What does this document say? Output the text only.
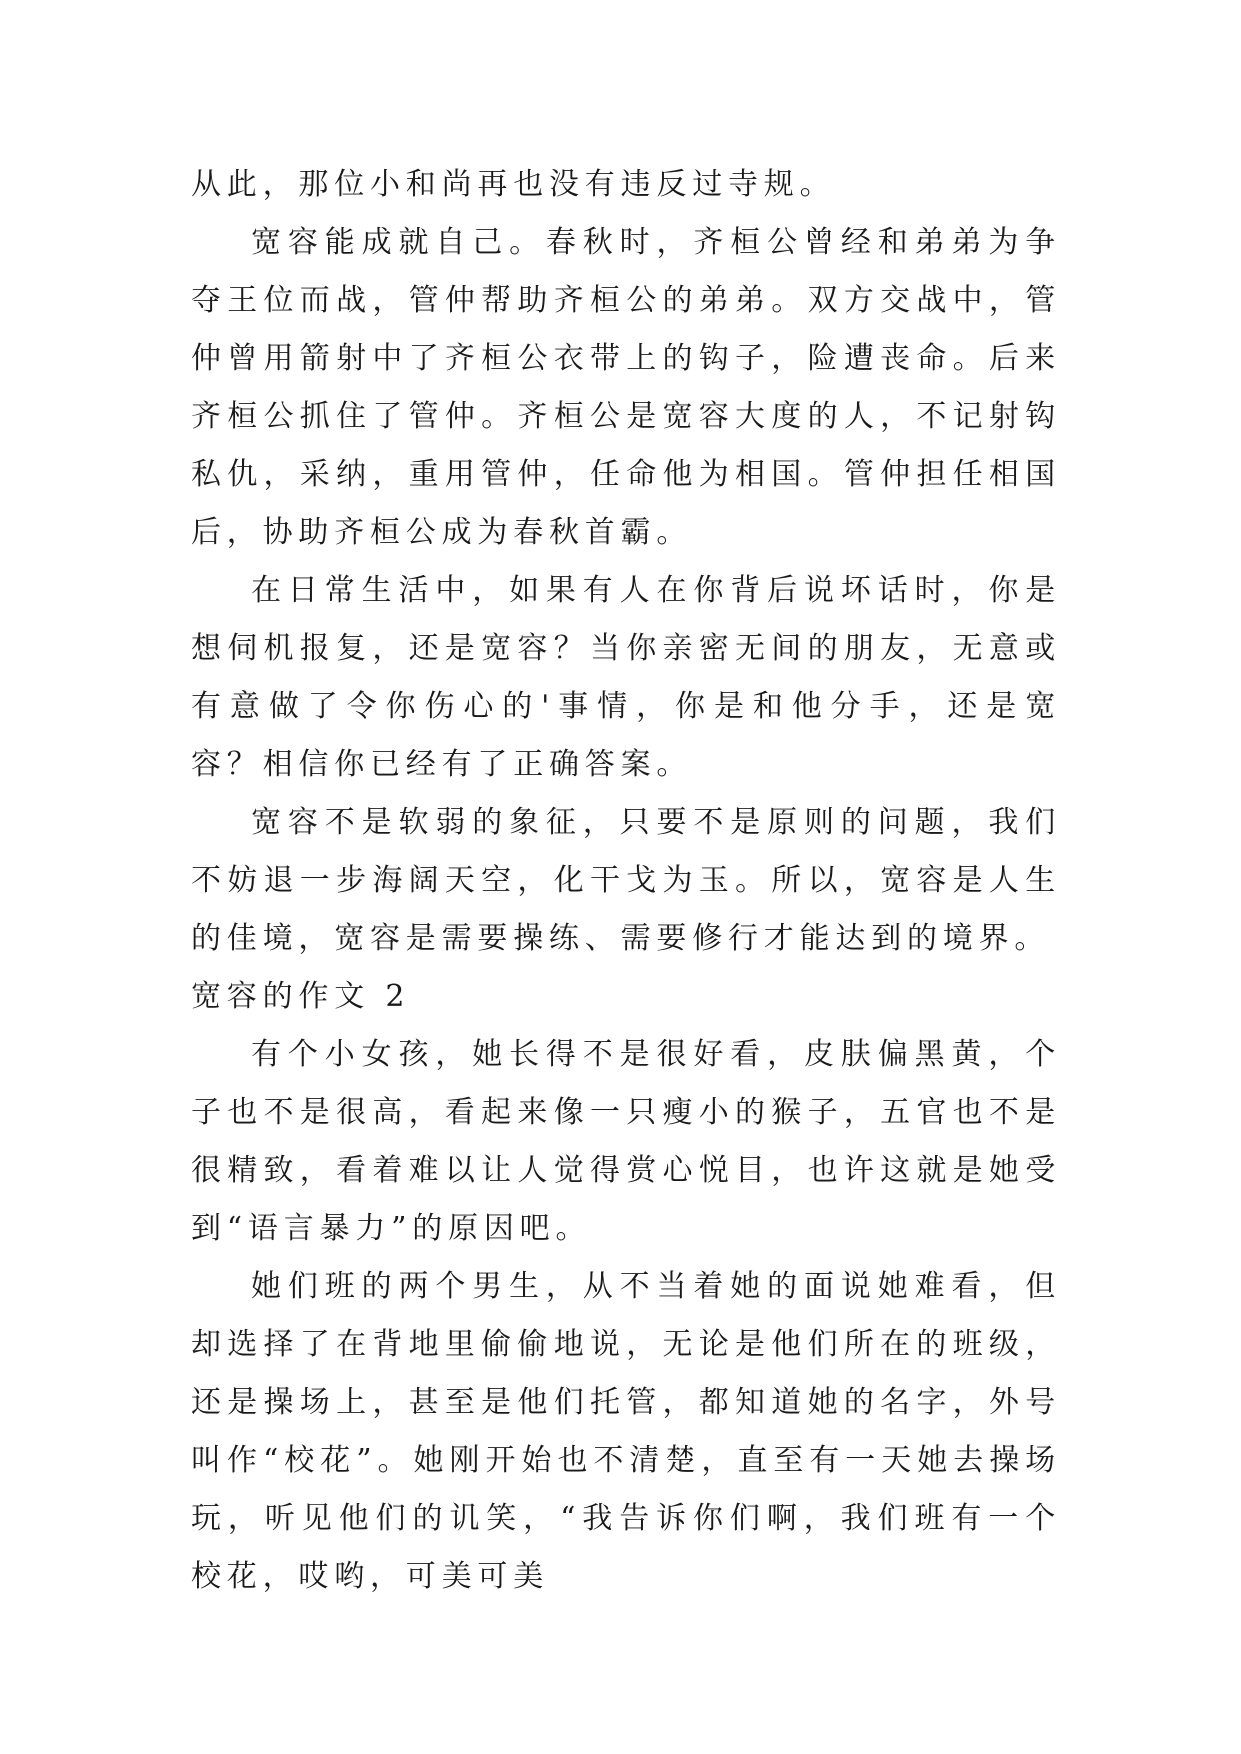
从此，那位小和尚再也没有违反过寺规。

宽容能成就自己。春秋时，齐桓公曾经和弟弟为争夺王位而战，管仲帮助齐桓公的弟弟。双方交战中，管仲曾用箭射中了齐桓公衣带上的钩子，险遭丧命。后来齐桓公抓住了管仲。齐桓公是宽容大度的人，不记射钩私仇，采纳，重用管仲，任命他为相国。管仲担任相国后，协助齐桓公成为春秋首霸。

在日常生活中，如果有人在你背后说坏话时，你是想伺机报复，还是宽容？当你亲密无间的朋友，无意或有意做了令你伤心的'事情，你是和他分手，还是宽容？相信你已经有了正确答案。

宽容不是软弱的象征，只要不是原则的问题，我们不妨退一步海阔天空，化干戈为玉。所以，宽容是人生的佳境，宽容是需要操练、需要修行才能达到的境界。

宽容的作文 2

有个小女孩，她长得不是很好看，皮肤偏黑黄，个子也不是很高，看起来像一只瘦小的猴子，五官也不是很精致，看着难以让人觉得赏心悦目，也许这就是她受到“语言暴力”的原因吧。

她们班的两个男生，从不当着她的面说她难看，但却选择了在背地里偷偷地说，无论是他们所在的班级，还是操场上，甚至是他们托管，都知道她的名字，外号叫作“校花”。她刚开始也不清楚，直至有一天她去操场玩，听见他们的讥笑，“我告诉你们啊，我们班有一个校花，哎哟，可美可美
